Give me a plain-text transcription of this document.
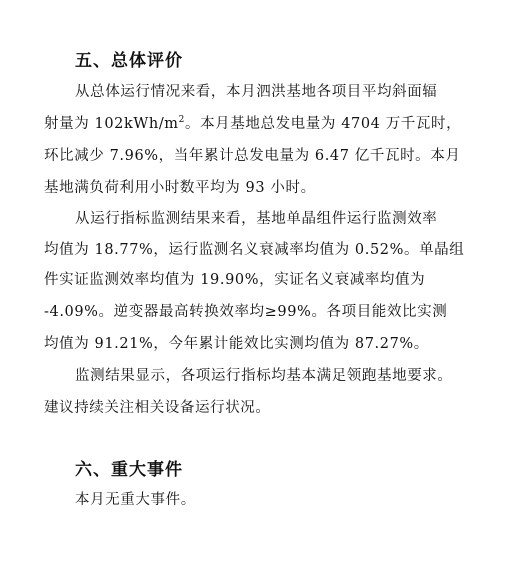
五、总体评价
从总体运行情况来看，本月泗洪基地各项目平均斜面辐
射量为 $102kWh/m^2$。本月基地总发电量为 4704 万千瓦时，
环比减少 7.96%，当年累计总发电量为 6.47 亿千瓦时。本月
基地满负荷利用小时数平均为 93 小时。
从运行指标监测结果来看，基地单晶组件运行监测效率
均值为 18.77%，运行监测名义衰减率均值为 0.52%。单晶组
件实证监测效率均值为 19.90%，实证名义衰减率均值为
-4.09%。逆变器最高转换效率均≥99%。各项目能效比实测
均值为 91.21%，今年累计能效比实测均值为 87.27%。
监测结果显示，各项运行指标均基本满足领跑基地要求。
建议持续关注相关设备运行状况。
六、重大事件
本月无重大事件。
